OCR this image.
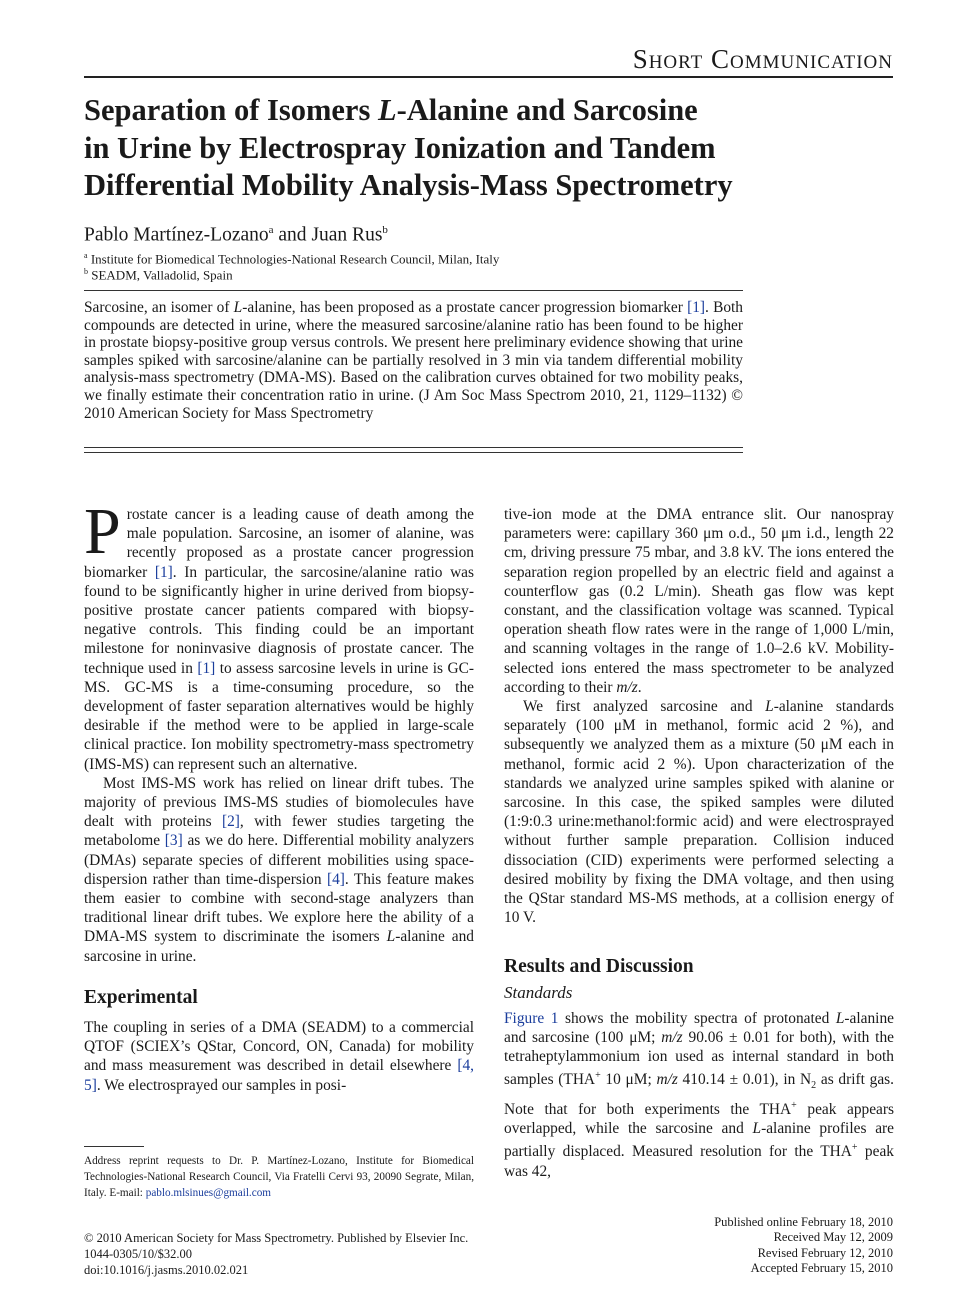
Short Communication
Separation of Isomers L-Alanine and Sarcosine
in Urine by Electrospray Ionization and Tandem
Differential Mobility Analysis-Mass Spectrometry
Pablo Martínez-Lozano$^a$ and Juan Rus$^b$
$^a$ Institute for Biomedical Technologies-National Research Council, Milan, Italy
$^b$ SEADM, Valladolid, Spain
Sarcosine, an isomer of L-alanine, has been proposed as a prostate cancer progression biomarker [1]. Both compounds are detected in urine, where the measured sarcosine/alanine ratio has been found to be higher in prostate biopsy-positive group versus controls. We present here preliminary evidence showing that urine samples spiked with sarcosine/alanine can be partially resolved in 3 min via tandem differential mobility analysis-mass spectrometry (DMA-MS). Based on the calibration curves obtained for two mobility peaks, we finally estimate their concentration ratio in urine. (J Am Soc Mass Spectrom 2010, 21, 1129–1132) © 2010 American Society for Mass Spectrometry

Prostate cancer is a leading cause of death among the male population. Sarcosine, an isomer of alanine, was recently proposed as a prostate cancer progression biomarker [1]. In particular, the sarcosine/alanine ratio was found to be significantly higher in urine derived from biopsy-positive prostate cancer patients compared with biopsy-negative controls. This finding could be an important milestone for noninvasive diagnosis of prostate cancer. The technique used in [1] to assess sarcosine levels in urine is GC-MS. GC-MS is a time-consuming procedure, so the development of faster separation alternatives would be highly desirable if the method were to be applied in large-scale clinical practice. Ion mobility spectrometry-mass spectrometry (IMS-MS) can represent such an alternative.

Most IMS-MS work has relied on linear drift tubes. The majority of previous IMS-MS studies of biomolecules have dealt with proteins [2], with fewer studies targeting the metabolome [3] as we do here. Differential mobility analyzers (DMAs) separate species of different mobilities using space-dispersion rather than time-dispersion [4]. This feature makes them easier to combine with second-stage analyzers than traditional linear drift tubes. We explore here the ability of a DMA-MS system to discriminate the isomers L-alanine and sarcosine in urine.

Experimental

The coupling in series of a DMA (SEADM) to a commercial QTOF (SCIEX’s QStar, Concord, ON, Canada) for mobility and mass measurement was described in detail elsewhere [4, 5]. We electrosprayed our samples in posi-

tive-ion mode at the DMA entrance slit. Our nanospray parameters were: capillary 360 μm o.d., 50 μm i.d., length 22 cm, driving pressure 75 mbar, and 3.8 kV. The ions entered the separation region propelled by an electric field and against a counterflow gas (0.2 L/min). Sheath gas flow was kept constant, and the classification voltage was scanned. Typical operation sheath flow rates were in the range of 1,000 L/min, and scanning voltages in the range of 1.0–2.6 kV. Mobility-selected ions entered the mass spectrometer to be analyzed according to their m/z.

We first analyzed sarcosine and L-alanine standards separately (100 μM in methanol, formic acid 2 %), and subsequently we analyzed them as a mixture (50 μM each in methanol, formic acid 2 %). Upon characterization of the standards we analyzed urine samples spiked with alanine or sarcosine. In this case, the spiked samples were diluted (1:9:0.3 urine:methanol:formic acid) and were electrosprayed without further sample preparation. Collision induced dissociation (CID) experiments were performed selecting a desired mobility by fixing the DMA voltage, and then using the QStar standard MS-MS methods, at a collision energy of 10 V.

Results and Discussion
Standards

Figure 1 shows the mobility spectra of protonated L-alanine and sarcosine (100 μM; m/z 90.06 ± 0.01 for both), with the tetraheptylammonium ion used as internal standard in both samples (THA+ 10 μM; m/z 410.14 ± 0.01), in $N_2$ as drift gas. Note that for both experiments the THA+ peak appears overlapped, while the sarcosine and L-alanine profiles are partially displaced. Measured resolution for the THA+ peak was 42,

Address reprint requests to Dr. P. Martínez-Lozano, Institute for Biomedical Technologies-National Research Council, Via Fratelli Cervi 93, 20090 Segrate, Milan, Italy. E-mail: pablo.mlsinues@gmail.com
© 2010 American Society for Mass Spectrometry. Published by Elsevier Inc.
1044-0305/10/$32.00
doi:10.1016/j.jasms.2010.02.021
Published online February 18, 2010
Received May 12, 2009
Revised February 12, 2010
Accepted February 15, 2010
